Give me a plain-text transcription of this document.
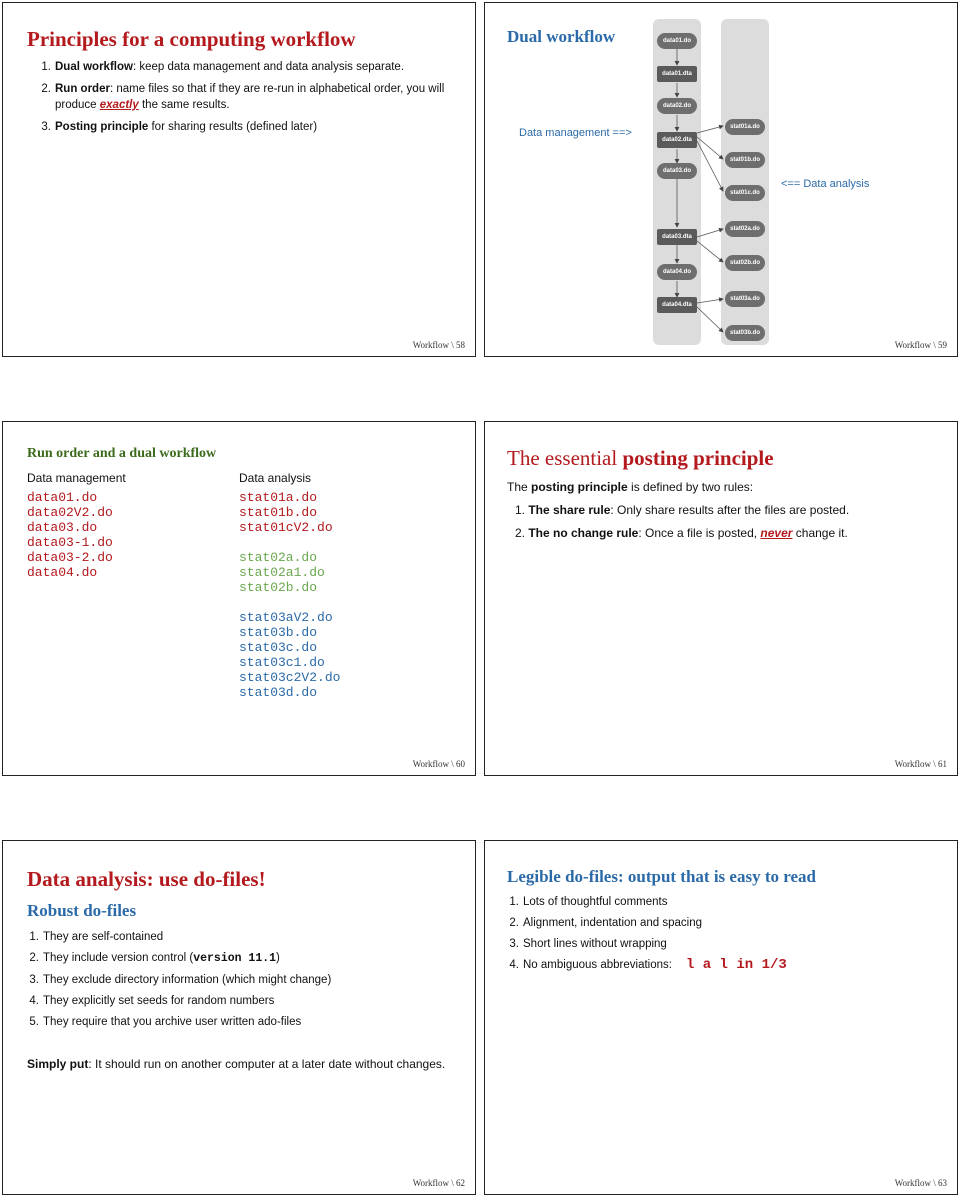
Principles for a computing workflow
1. Dual workflow: keep data management and data analysis separate.
2. Run order: name files so that if they are re-run in alphabetical order, you will produce exactly the same results.
3. Posting principle for sharing results (defined later)
Workflow \ 58
Dual workflow
Data management ==>
<== Data analysis
data01.do
data01.dta
data02.do
data02.dta
data03.do
data03.dta
data04.do
data04.dta
stat01a.do
stat01b.do
stat01c.do
stat02a.do
stat02b.do
stat03a.do
stat03b.do
Workflow \ 59
Run order and a dual workflow
Data management	Data analysis
data01.do
data02V2.do
data03.do
data03-1.do
data03-2.do
data04.do
stat01a.do
stat01b.do
stat01cV2.do
stat02a.do
stat02a1.do
stat02b.do
stat03aV2.do
stat03b.do
stat03c.do
stat03c1.do
stat03c2V2.do
stat03d.do
Workflow \ 60
The essential posting principle
The posting principle is defined by two rules:
1. The share rule: Only share results after the files are posted.
2. The no change rule: Once a file is posted, never change it.
Workflow \ 61
Data analysis: use do-files!
Robust do-files
1. They are self-contained
2. They include version control (version 11.1)
3. They exclude directory information (which might change)
4. They explicitly set seeds for random numbers
5. They require that you archive user written ado-files
Simply put: It should run on another computer at a later date without changes.
Workflow \ 62
Legible do-files: output that is easy to read
1. Lots of thoughtful comments
2. Alignment, indentation and spacing
3. Short lines without wrapping
4. No ambiguous abbreviations: l a l in 1/3
Workflow \ 63
